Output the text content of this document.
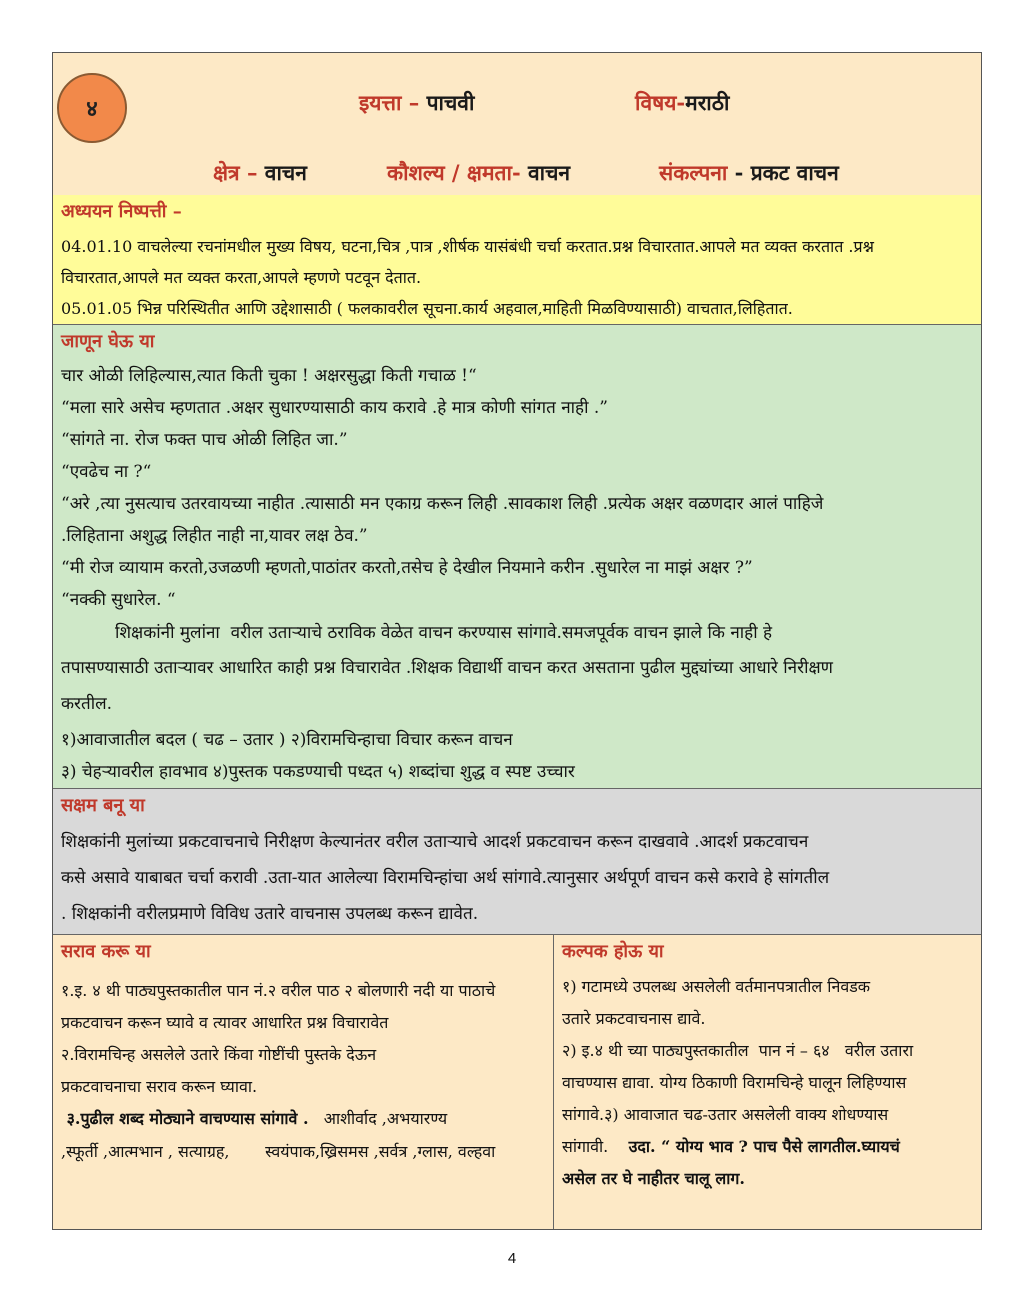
४	इयत्ता – पाचवी	विषय-मराठी
क्षेत्र – वाचन	कौशल्य / क्षमता- वाचन	संकल्पना - प्रकट वाचन
अध्ययन निष्पत्ती –
04.01.10 वाचलेल्या रचनांमधील मुख्य विषय, घटना,चित्र ,पात्र ,शीर्षक यासंबंधी चर्चा करतात.प्रश्न विचारतात.आपले मत व्यक्त करतात .प्रश्न
विचारतात,आपले मत व्यक्त करता,आपले म्हणणे पटवून देतात.
05.01.05 भिन्न परिस्थितीत आणि उद्देशासाठी ( फलकावरील सूचना.कार्य अहवाल,माहिती मिळविण्यासाठी) वाचतात,लिहितात.
जाणून घेऊ या
चार ओळी लिहिल्यास,त्यात किती चुका ! अक्षरसुद्धा किती गचाळ !“
“मला सारे असेच म्हणतात .अक्षर सुधारण्यासाठी काय करावे .हे मात्र कोणी सांगत नाही .”
“सांगते ना. रोज फक्त पाच ओळी लिहित जा.”
“एवढेच ना ?“
“अरे ,त्या नुसत्याच उतरवायच्या नाहीत .त्यासाठी मन एकाग्र करून लिही .सावकाश लिही .प्रत्येक अक्षर वळणदार आलं पाहिजे
.लिहिताना अशुद्ध लिहीत नाही ना,यावर लक्ष ठेव.”
“मी रोज व्यायाम करतो,उजळणी म्हणतो,पाठांतर करतो,तसेच हे देखील नियमाने करीन .सुधारेल ना माझं अक्षर ?”
“नक्की सुधारेल. “
शिक्षकांनी मुलांना  वरील उताऱ्याचे ठराविक वेळेत वाचन करण्यास सांगावे.समजपूर्वक वाचन झाले कि नाही हे
तपासण्यासाठी उताऱ्यावर आधारित काही प्रश्न विचारावेत .शिक्षक विद्यार्थी वाचन करत असताना पुढील मुद्द्यांच्या आधारे निरीक्षण
करतील.
१)आवाजातील बदल ( चढ – उतार ) २)विरामचिन्हाचा विचार करून वाचन
३) चेहऱ्यावरील हावभाव ४)पुस्तक पकडण्याची पध्दत ५) शब्दांचा शुद्ध व स्पष्ट उच्चार
सक्षम बनू या
शिक्षकांनी मुलांच्या प्रकटवाचनाचे निरीक्षण केल्यानंतर वरील उताऱ्याचे आदर्श प्रकटवाचन करून दाखवावे .आदर्श प्रकटवाचन
कसे असावे याबाबत चर्चा करावी .उता-यात आलेल्या विरामचिन्हांचा अर्थ सांगावे.त्यानुसार अर्थपूर्ण वाचन कसे करावे हे सांगतील
. शिक्षकांनी वरीलप्रमाणे विविध उतारे वाचनास उपलब्ध करून द्यावेत.
सराव करू या
१.इ. ४ थी पाठ्यपुस्तकातील पान नं.२ वरील पाठ २ बोलणारी नदी या पाठाचे
प्रकटवाचन करून घ्यावे व त्यावर आधारित प्रश्न विचारावेत
२.विरामचिन्ह असलेले उतारे किंवा गोष्टींची पुस्तके देऊन
प्रकटवाचनाचा सराव करून घ्यावा.
३.पुढील शब्द मोठ्याने वाचण्यास सांगावे .   आशीर्वाद ,अभयारण्य
,स्फूर्ती ,आत्मभान , सत्याग्रह,       स्वयंपाक,ख्रिसमस ,सर्वत्र ,ग्लास, वल्हवा
कल्पक होऊ या
१) गटामध्ये उपलब्ध असलेली वर्तमानपत्रातील निवडक
उतारे प्रकटवाचनास द्यावे.
२) इ.४ थी च्या पाठ्यपुस्तकातील  पान नं – ६४   वरील उतारा
वाचण्यास द्यावा. योग्य ठिकाणी विरामचिन्हे घालून लिहिण्यास
सांगावे.३) आवाजात चढ-उतार असलेली वाक्य शोधण्यास
सांगावी.    उदा. “ योग्य भाव ? पाच पैसे लागतील.घ्यायचं
असेल तर घे नाहीतर चालू लाग.
4
